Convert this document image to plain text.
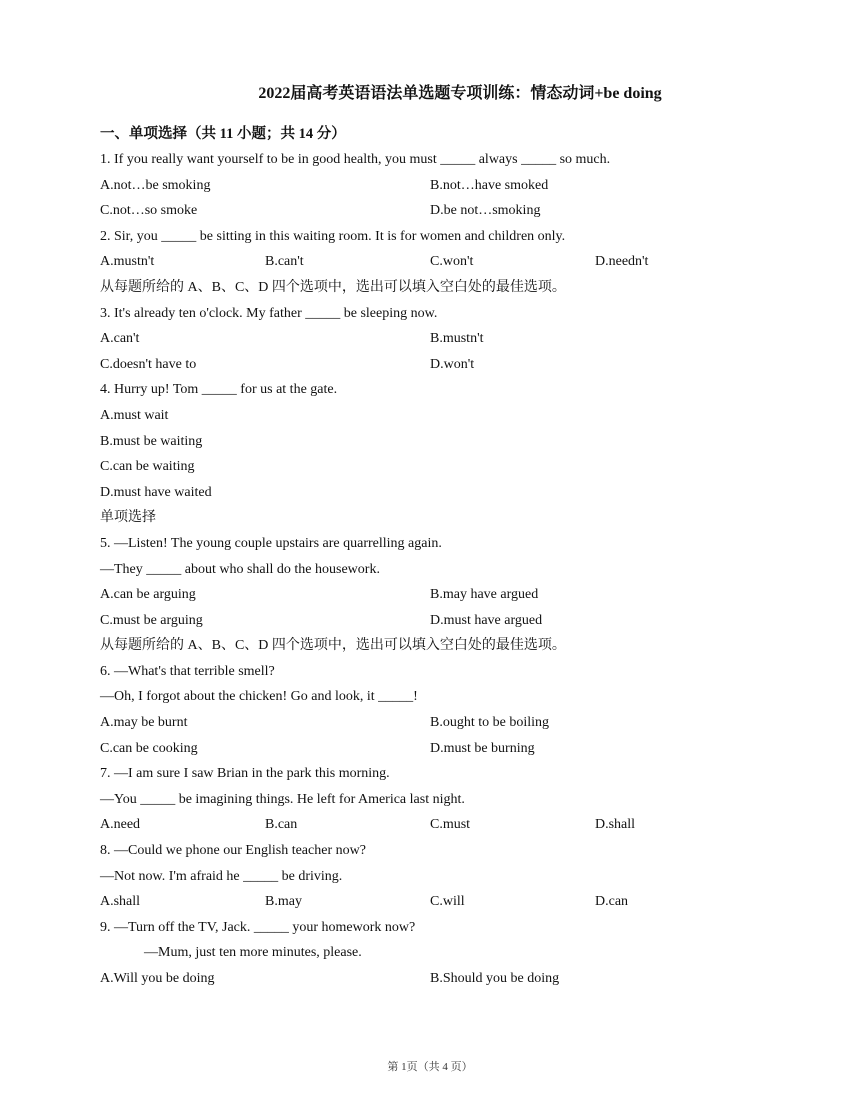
2022届高考英语语法单选题专项训练：情态动词+be doing
一、单项选择（共 11 小题；共 14 分）
1. If you really want yourself to be in good health, you must _____ always _____ so much.
A.not…be smoking	B.not…have smoked
C.not…so smoke	D.be not…smoking
2. Sir, you _____ be sitting in this waiting room. It is for women and children only.
A.mustn't	B.can't	C.won't	D.needn't
从每题所给的 A、B、C、D 四个选项中，选出可以填入空白处的最佳选项。
3. It's already ten o'clock. My father _____ be sleeping now.
A.can't	B.mustn't
C.doesn't have to	D.won't
4. Hurry up! Tom _____ for us at the gate.
A.must wait
B.must be waiting
C.can be waiting
D.must have waited
单项选择
5. —Listen! The young couple upstairs are quarrelling again.
—They _____ about who shall do the housework.
A.can be arguing	B.may have argued
C.must be arguing	D.must have argued
从每题所给的 A、B、C、D 四个选项中，选出可以填入空白处的最佳选项。
6. —What's that terrible smell?
—Oh, I forgot about the chicken! Go and look, it _____!
A.may be burnt	B.ought to be boiling
C.can be cooking	D.must be burning
7. —I am sure I saw Brian in the park this morning.
—You _____ be imagining things. He left for America last night.
A.need	B.can	C.must	D.shall
8. —Could we phone our English teacher now?
—Not now. I'm afraid he _____ be driving.
A.shall	B.may	C.will	D.can
9. —Turn off the TV, Jack. _____ your homework now?
—Mum, just ten more minutes, please.
A.Will you be doing	B.Should you be doing
第 1页（共 4 页）
